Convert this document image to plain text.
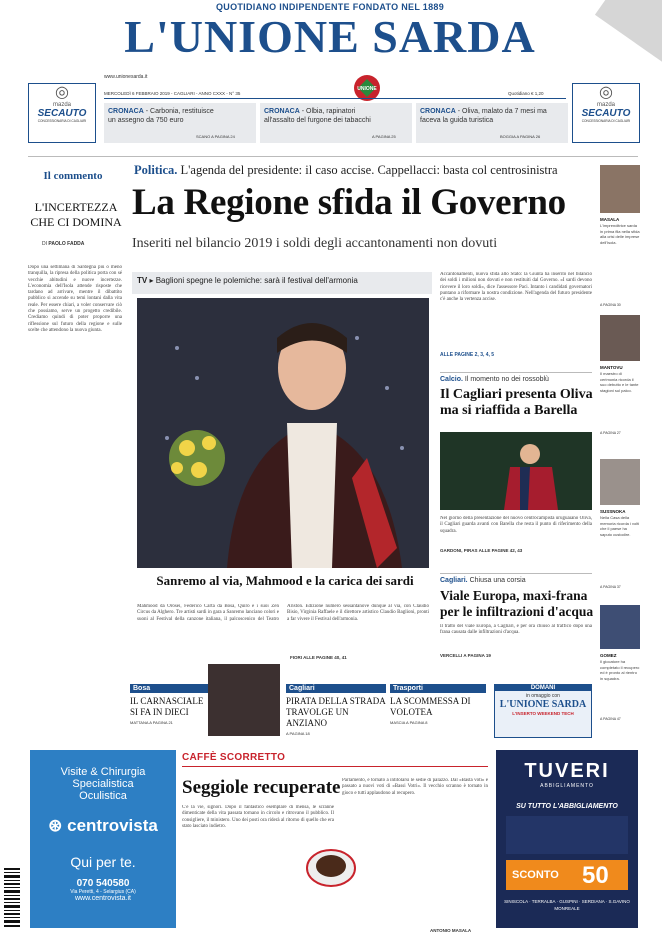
QUOTIDIANO INDIPENDENTE FONDATO NEL 1889
L'UNIONE SARDA
www.unionesarda.it
MERCOLEDÌ 6 FEBBRAIO 2019 - CAGLIARI - ANNO CXXX - N° 35	Quotidiano € 1,20
UNIONE
◎
mazda
SECAUTO
CONCESSIONARIA DI CAGLIARI
◎
mazda
SECAUTO
CONCESSIONARIA DI CAGLIARI
CRONACA - Carbonia, restituisce un assegno da 750 euro
SCANO A PAGINA 24
CRONACA - Olbia, rapinatori all'assalto del furgone dei tabacchi
A PAGINA 25
CRONACA - Oliva, malato da 7 mesi ma faceva la guida turistica
BOGGIA A PAGINA 26
Il commento
L'INCERTEZZA CHE CI DOMINA
DI PAOLO FADDA
Dopo una settimana di Sardegna più o meno tranquilla, la ripresa della politica porta con sé vecchie abitudini e nuove incertezze. L'economia dell'Isola attende risposte che tardano ad arrivare, mentre il dibattito pubblico si accende su temi lontani dalla vita reale. Per essere chiari, a voler conservare ciò che possiamo, serve un progetto credibile. Crediamo quindi di poter proporre una riflessione sul futuro della regione e sulle scelte che attendono la nuova giunta.
Politica. L'agenda del presidente: il caso accise. Cappellacci: basta col centrosinistra
La Regione sfida il Governo
Inseriti nel bilancio 2019 i soldi degli accantonamenti non dovuti
TV ▸ Baglioni spegne le polemiche: sarà il festival dell'armonia
Sanremo al via, Mahmood e la carica dei sardi
Mahmood da Orosei, Federico Carta da Bosa, Quiro e i suoi Zen Circus da Alghero. Tre artisti sardi in gara a Sanremo lanciano colori e suoni al Festival della canzone italiana, il palcoscenico del Teatro Ariston. Edizione numero sessantanove dunque al via, con Claudio Bisio, Virginia Raffaele e il direttore artistico Claudio Baglioni, pronti a far vivere il Festival dell'armonia.
FIORI ALLE PAGINE 40, 41
Accantonamenti, nuova sfida allo Stato: la Giunta ha inserito nel bilancio dei soldi i milioni non dovuti e non restituiti dal Governo. «I sardi devono ricevere il loro soldi», dice l'assessore Paci. Intanto i candidati governatori puntano a riformare la nostra condizione. Nell'agenda del futuro presidente c'è anche la vertenza accise.
ALLE PAGINE 2, 3, 4, 5
Calcio. Il momento no dei rossoblù
Il Cagliari presenta Oliva ma si riaffida a Barella
Nel giorno della presentazione del nuovo centrocampista uruguaiano Oliva, il Cagliari guarda avanti con Barella che resta il punto di riferimento della squadra.
GARDONI, PIRAS ALLE PAGINE 42, 43
Cagliari. Chiusa una corsia
Viale Europa, maxi-frana per le infiltrazioni d'acqua
Il tratto del viale Europa, a Cagliari, è per ora chiuso al traffico dopo una frana causata dalle infiltrazioni d'acqua.
VERCELLI A PAGINA 19
MASALA
L'imprenditrice sarda in prima fila nella sfida alla crisi delle imprese dell'Isola.
A PAGINA 30
MANTOVU
Il maestro di cerimonia ricorda il suo debutto e le tante stagioni sul palco.
A PAGINA 27
SUSSNOKA
Nella Casa della memoria ricorda i volti che il paese ha saputo custodire.
A PAGINA 37
GOMEZ
Il giocatore ha completato il recupero ed è pronto al rientro in squadra.
A PAGINA 47
Bosa
IL CARNASCIALE SI FA IN DIECI
MATTANA A PAGINA 21
Cagliari
PIRATA DELLA STRADA TRAVOLGE UN ANZIANO
A PAGINA 18
Trasporti
LA SCOMMESSA DI VOLOTEA
MASCIA A PAGINA 8
DOMANI
in omaggio con
L'UNIONE SARDA
L'INSERTO WEEKEND TECH
Visite & Chirurgia
Specialistica
Oculistica
⊛ centrovista
Qui per te.
070 540580
Via Peretti, 4 - Selargius (CA)
www.centrovista.it
CAFFÈ SCORRETTO
Seggiole recuperate
C'è la vie, signori. Dopo il fantastico esemplare di mensa, le scranne dimenticate della vita passata tornano in circolo e ritrovano il pubblico. Il consigliere, il ministero. Uno dei posti ora riderà al ritorno di quello che era stato lasciato indietro.
Parlamento, è tornato a intitolarsi le sedie di palazzo. Dal «Basta voti» è passato a nuovi voti di «Bassi Votri». Il vecchio scranno è tornato in gioco e tutti applaudono al recupero.
ANTONIO MASALA
TUVERI
ABBIGLIAMENTO
SU TUTTO L'ABBIGLIAMENTO
SCONTO 50
SINISCOLA · TERRALBA · GUSPINI · SERDIANA · S.GAVINO MONREALE
